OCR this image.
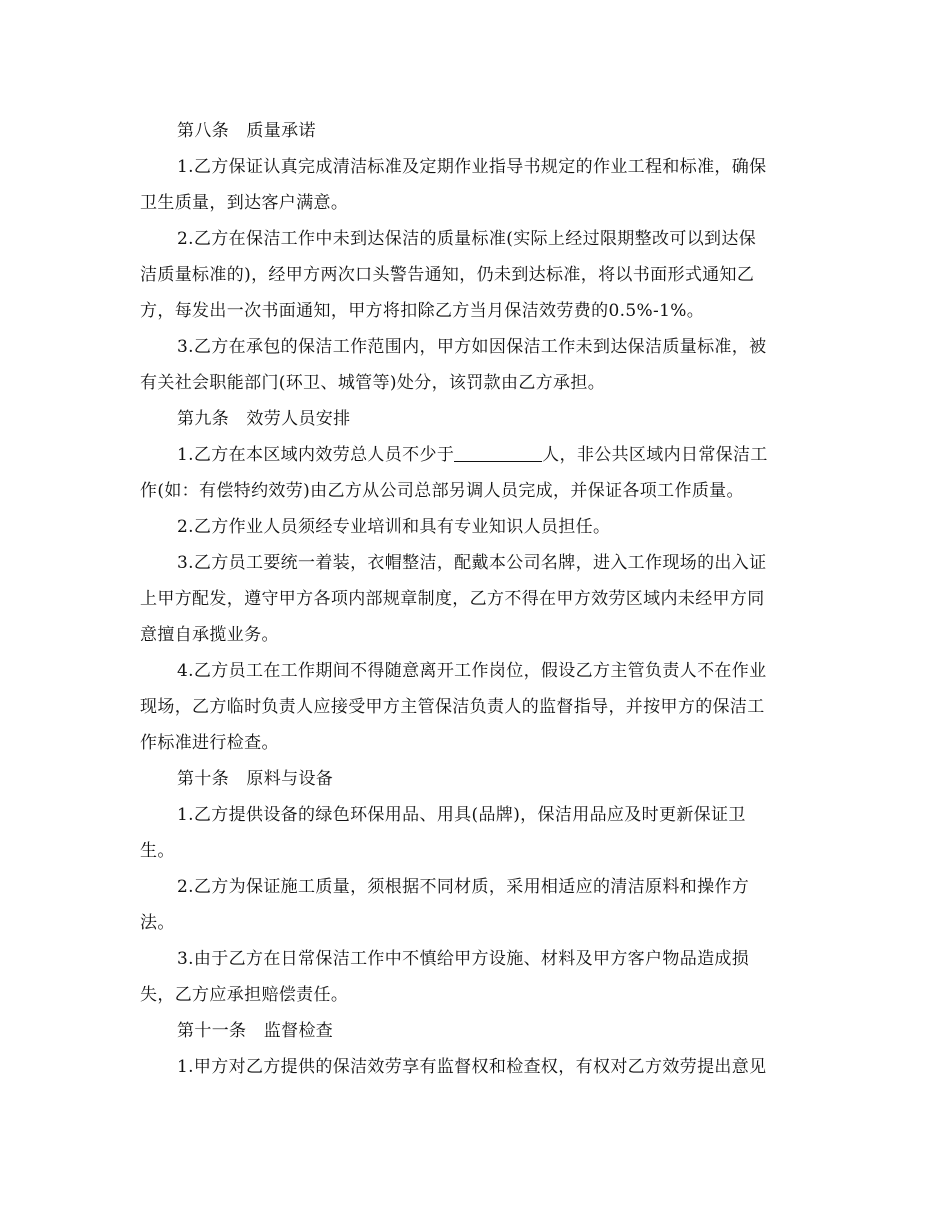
第八条　质量承诺
1.乙方保证认真完成清洁标准及定期作业指导书规定的作业工程和标准，确保
卫生质量，到达客户满意。
2.乙方在保洁工作中未到达保洁的质量标准(实际上经过限期整改可以到达保
洁质量标准的)，经甲方两次口头警告通知，仍未到达标准，将以书面形式通知乙
方，每发出一次书面通知，甲方将扣除乙方当月保洁效劳费的0.5%-1%。
3.乙方在承包的保洁工作范围内，甲方如因保洁工作未到达保洁质量标准，被
有关社会职能部门(环卫、城管等)处分，该罚款由乙方承担。
第九条　效劳人员安排
1.乙方在本区域内效劳总人员不少于	人，非公共区域内日常保洁工
作(如：有偿特约效劳)由乙方从公司总部另调人员完成，并保证各项工作质量。
2.乙方作业人员须经专业培训和具有专业知识人员担任。
3.乙方员工要统一着装，衣帽整洁，配戴本公司名牌，进入工作现场的出入证
上甲方配发，遵守甲方各项内部规章制度，乙方不得在甲方效劳区域内未经甲方同
意擅自承揽业务。
4.乙方员工在工作期间不得随意离开工作岗位，假设乙方主管负责人不在作业
现场，乙方临时负责人应接受甲方主管保洁负责人的监督指导，并按甲方的保洁工
作标准进行检查。
第十条　原料与设备
1.乙方提供设备的绿色环保用品、用具(品牌)，保洁用品应及时更新保证卫
生。
2.乙方为保证施工质量，须根据不同材质，采用相适应的清洁原料和操作方
法。
3.由于乙方在日常保洁工作中不慎给甲方设施、材料及甲方客户物品造成损
失，乙方应承担赔偿责任。
第十一条　监督检查
1.甲方对乙方提供的保洁效劳享有监督权和检查权，有权对乙方效劳提出意见
